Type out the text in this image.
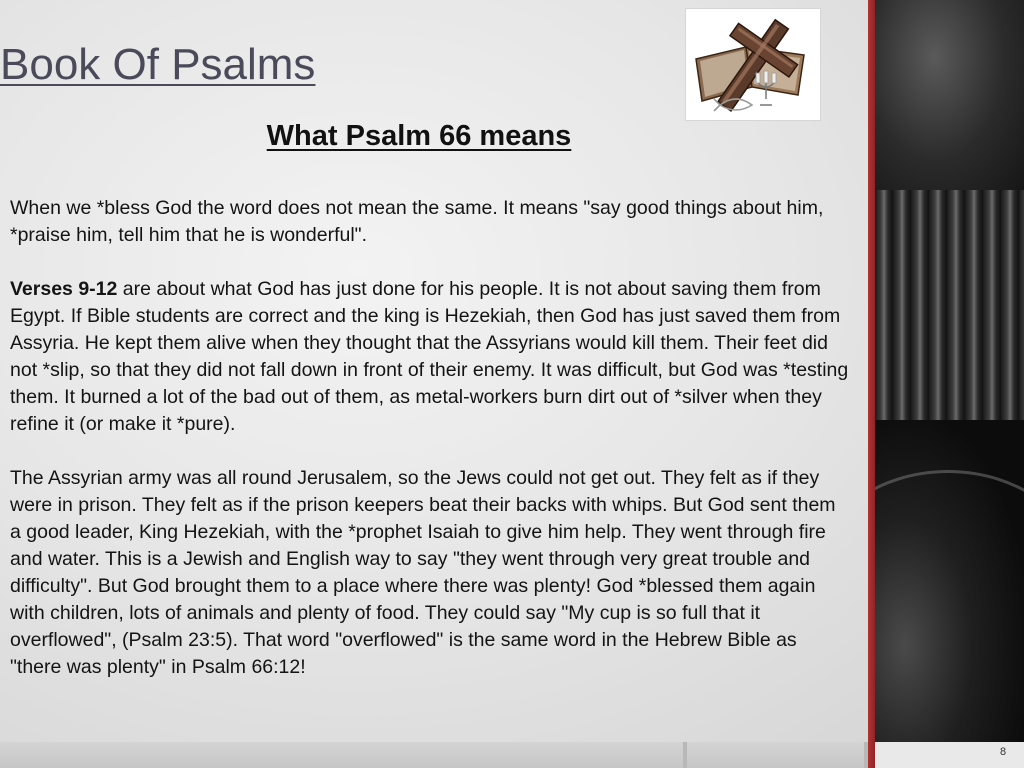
8
Book Of Psalms
What Psalm 66 means

When we *bless God the word does not mean the same. It means "say good things about him, *praise him, tell him that he is wonderful".

Verses 9-12 are about what God has just done for his people. It is not about saving them from Egypt. If Bible students are correct and the king is Hezekiah, then God has just saved them from Assyria. He kept them alive when they thought that the Assyrians would kill them. Their feet did not *slip, so that they did not fall down in front of their enemy. It was difficult, but God was *testing them. It burned a lot of the bad out of them, as metal-workers burn dirt out of *silver when they refine it (or make it *pure).

The Assyrian army was all round Jerusalem, so the Jews could not get out. They felt as if they were in prison. They felt as if the prison keepers beat their backs with whips. But God sent them a good leader, King Hezekiah, with the *prophet Isaiah to give him help. They went through fire and water. This is a Jewish and English way to say "they went through very great trouble and difficulty". But God brought them to a place where there was plenty! God *blessed them again with children, lots of animals and plenty of food. They could say "My cup is so full that it overflowed", (Psalm 23:5). That word "overflowed" is the same word in the Hebrew Bible as "there was plenty" in Psalm 66:12!
